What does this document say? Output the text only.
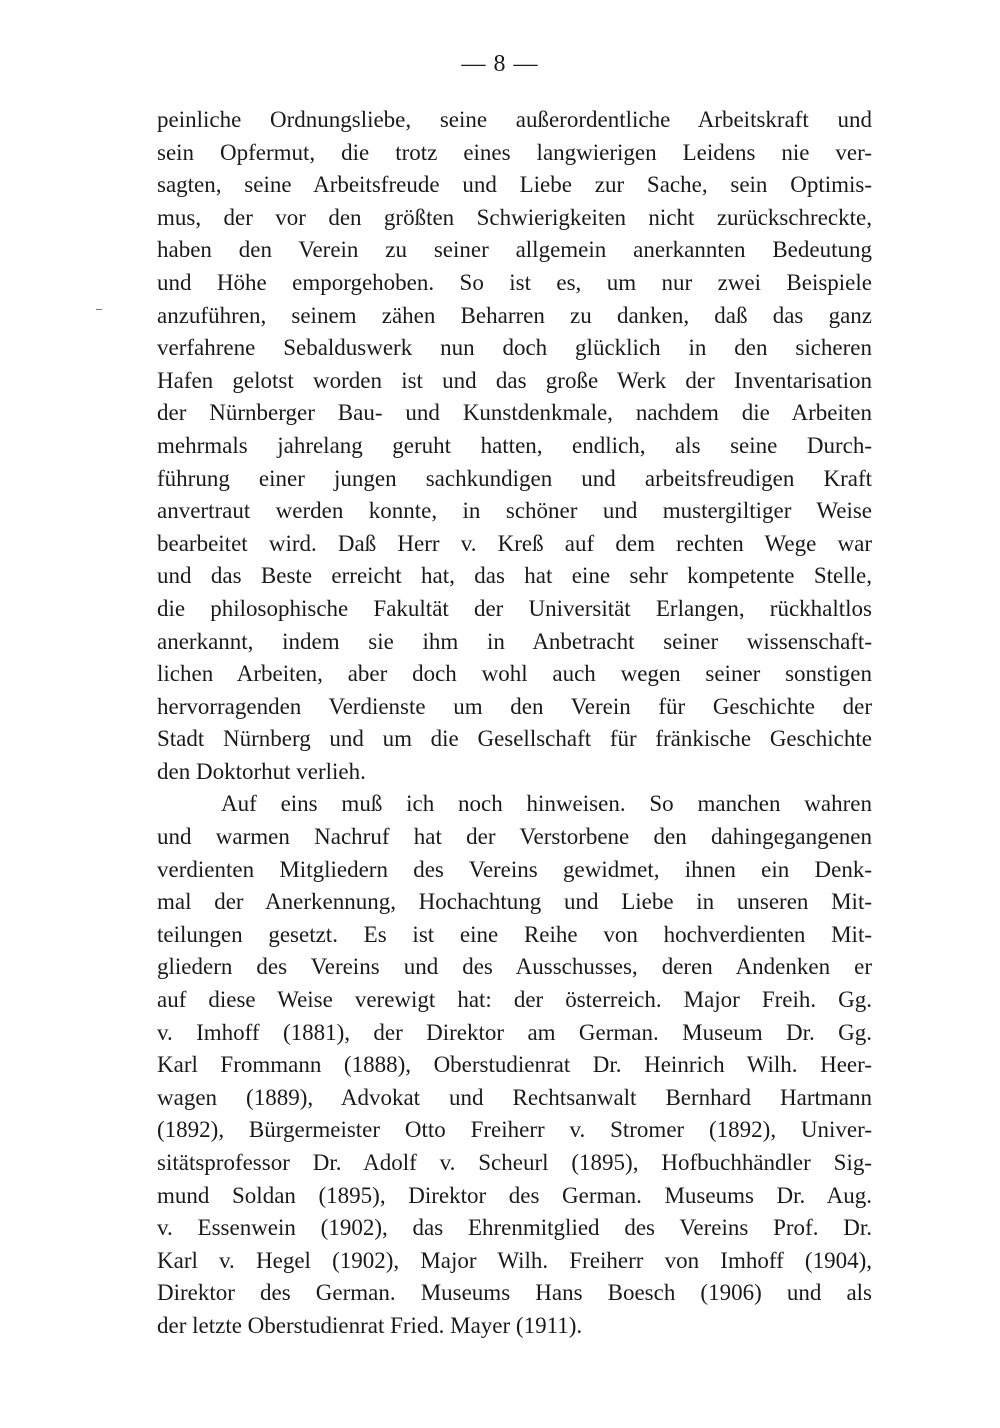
— 8 —
peinliche Ordnungsliebe, seine außerordentliche Arbeitskraft und
sein Opfermut, die trotz eines langwierigen Leidens nie ver-
sagten, seine Arbeitsfreude und Liebe zur Sache, sein Optimis-
mus, der vor den größten Schwierigkeiten nicht zurückschreckte,
haben den Verein zu seiner allgemein anerkannten Bedeutung
und Höhe emporgehoben. So ist es, um nur zwei Beispiele
anzuführen, seinem zähen Beharren zu danken, daß das ganz
verfahrene Sebalduswerk nun doch glücklich in den sicheren
Hafen gelotst worden ist und das große Werk der Inventarisation
der Nürnberger Bau- und Kunstdenkmale, nachdem die Arbeiten
mehrmals jahrelang geruht hatten, endlich, als seine Durch-
führung einer jungen sachkundigen und arbeitsfreudigen Kraft
anvertraut werden konnte, in schöner und mustergiltiger Weise
bearbeitet wird. Daß Herr v. Kreß auf dem rechten Wege war
und das Beste erreicht hat, das hat eine sehr kompetente Stelle,
die philosophische Fakultät der Universität Erlangen, rückhaltlos
anerkannt, indem sie ihm in Anbetracht seiner wissenschaft-
lichen Arbeiten, aber doch wohl auch wegen seiner sonstigen
hervorragenden Verdienste um den Verein für Geschichte der
Stadt Nürnberg und um die Gesellschaft für fränkische Geschichte
den Doktorhut verlieh.
Auf eins muß ich noch hinweisen. So manchen wahren
und warmen Nachruf hat der Verstorbene den dahingegangenen
verdienten Mitgliedern des Vereins gewidmet, ihnen ein Denk-
mal der Anerkennung, Hochachtung und Liebe in unseren Mit-
teilungen gesetzt. Es ist eine Reihe von hochverdienten Mit-
gliedern des Vereins und des Ausschusses, deren Andenken er
auf diese Weise verewigt hat: der österreich. Major Freih. Gg.
v. Imhoff (1881), der Direktor am German. Museum Dr. Gg.
Karl Frommann (1888), Oberstudienrat Dr. Heinrich Wilh. Heer-
wagen (1889), Advokat und Rechtsanwalt Bernhard Hartmann
(1892), Bürgermeister Otto Freiherr v. Stromer (1892), Univer-
sitätsprofessor Dr. Adolf v. Scheurl (1895), Hofbuchhändler Sig-
mund Soldan (1895), Direktor des German. Museums Dr. Aug.
v. Essenwein (1902), das Ehrenmitglied des Vereins Prof. Dr.
Karl v. Hegel (1902), Major Wilh. Freiherr von Imhoff (1904),
Direktor des German. Museums Hans Boesch (1906) und als
der letzte Oberstudienrat Fried. Mayer (1911).
